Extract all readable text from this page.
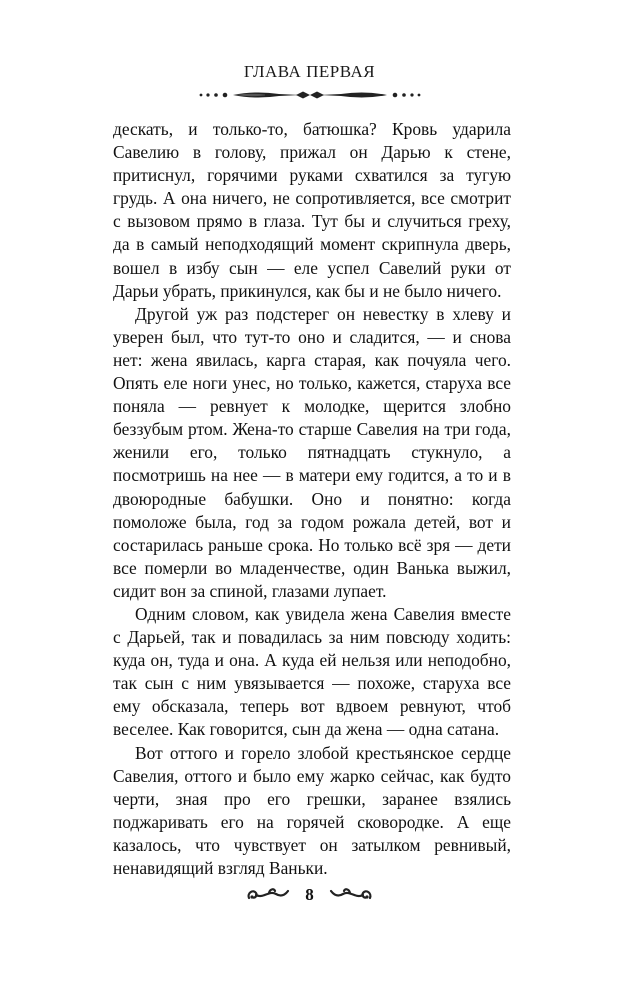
ГЛАВА ПЕРВАЯ

дескать, и только-то, батюшка? Кровь ударила Савелию в голову, прижал он Дарью к стене, притиснул, горячими руками схватился за тугую грудь. А она ничего, не сопротивляется, все смотрит с вызовом прямо в глаза. Тут бы и случиться греху, да в самый неподходящий момент скрипнула дверь, вошел в избу сын — еле успел Савелий руки от Дарьи убрать, прикинулся, как бы и не было ничего.

Другой уж раз подстерег он невестку в хлеву и уверен был, что тут-то оно и сладится, — и снова нет: жена явилась, карга старая, как почуяла чего. Опять еле ноги унес, но только, кажется, старуха все поняла — ревнует к молодке, щерится злобно беззубым ртом. Жена-то старше Савелия на три года, женили его, только пятнадцать стукнуло, а посмотришь на нее — в матери ему годится, а то и в двоюродные бабушки. Оно и понятно: когда помоложе была, год за годом рожала детей, вот и состарилась раньше срока. Но только всё зря — дети все померли во младенчестве, один Ванька выжил, сидит вон за спиной, глазами лупает.

Одним словом, как увидела жена Савелия вместе с Дарьей, так и повадилась за ним повсюду ходить: куда он, туда и она. А куда ей нельзя или неподобно, так сын с ним увязывается — похоже, старуха все ему обсказала, теперь вот вдвоем ревнуют, чтоб веселее. Как говорится, сын да жена — одна сатана.

Вот оттого и горело злобой крестьянское сердце Савелия, оттого и было ему жарко сейчас, как будто черти, зная про его грешки, заранее взялись поджаривать его на горячей сковородке. А еще казалось, что чувствует он затылком ревнивый, ненавидящий взгляд Ваньки.

8
